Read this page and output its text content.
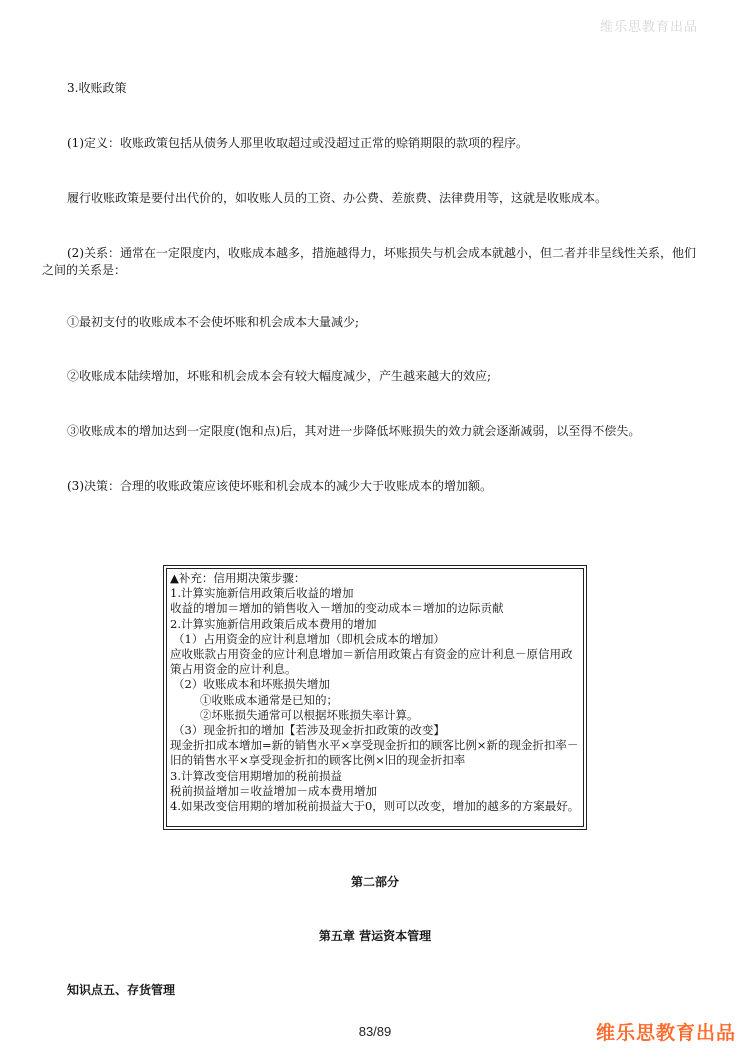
维乐思教育出品

3.收账政策

(1)定义：收账政策包括从债务人那里收取超过或没超过正常的赊销期限的款项的程序。

履行收账政策是要付出代价的，如收账人员的工资、办公费、差旅费、法律费用等，这就是收账成本。

(2)关系：通常在一定限度内，收账成本越多，措施越得力，坏账损失与机会成本就越小，但二者并非呈线性关系，他们之间的关系是：

①最初支付的收账成本不会使坏账和机会成本大量减少;

②收账成本陆续增加，坏账和机会成本会有较大幅度减少，产生越来越大的效应;

③收账成本的增加达到一定限度(饱和点)后，其对进一步降低坏账损失的效力就会逐渐减弱，以至得不偿失。

(3)决策：合理的收账政策应该使坏账和机会成本的减少大于收账成本的增加额。

▲补充：信用期决策步骤：

1.计算实施新信用政策后收益的增加

收益的增加＝增加的销售收入－增加的变动成本＝增加的边际贡献

2.计算实施新信用政策后成本费用的增加

（1）占用资金的应计利息增加（即机会成本的增加）

应收账款占用资金的应计利息增加＝新信用政策占有资金的应计利息－原信用政策占用资金的应计利息。

（2）收账成本和坏账损失增加

①收账成本通常是已知的；

②坏账损失通常可以根据坏账损失率计算。

（3）现金折扣的增加【若涉及现金折扣政策的改变】

现金折扣成本增加=新的销售水平×享受现金折扣的顾客比例×新的现金折扣率－旧的销售水平×享受现金折扣的顾客比例×旧的现金折扣率

3.计算改变信用期增加的税前损益

税前损益增加＝收益增加－成本费用增加

4.如果改变信用期的增加税前损益大于0，则可以改变，增加的越多的方案最好。

第二部分

第五章 营运资本管理

知识点五、存货管理

83/89	维乐思教育出品
